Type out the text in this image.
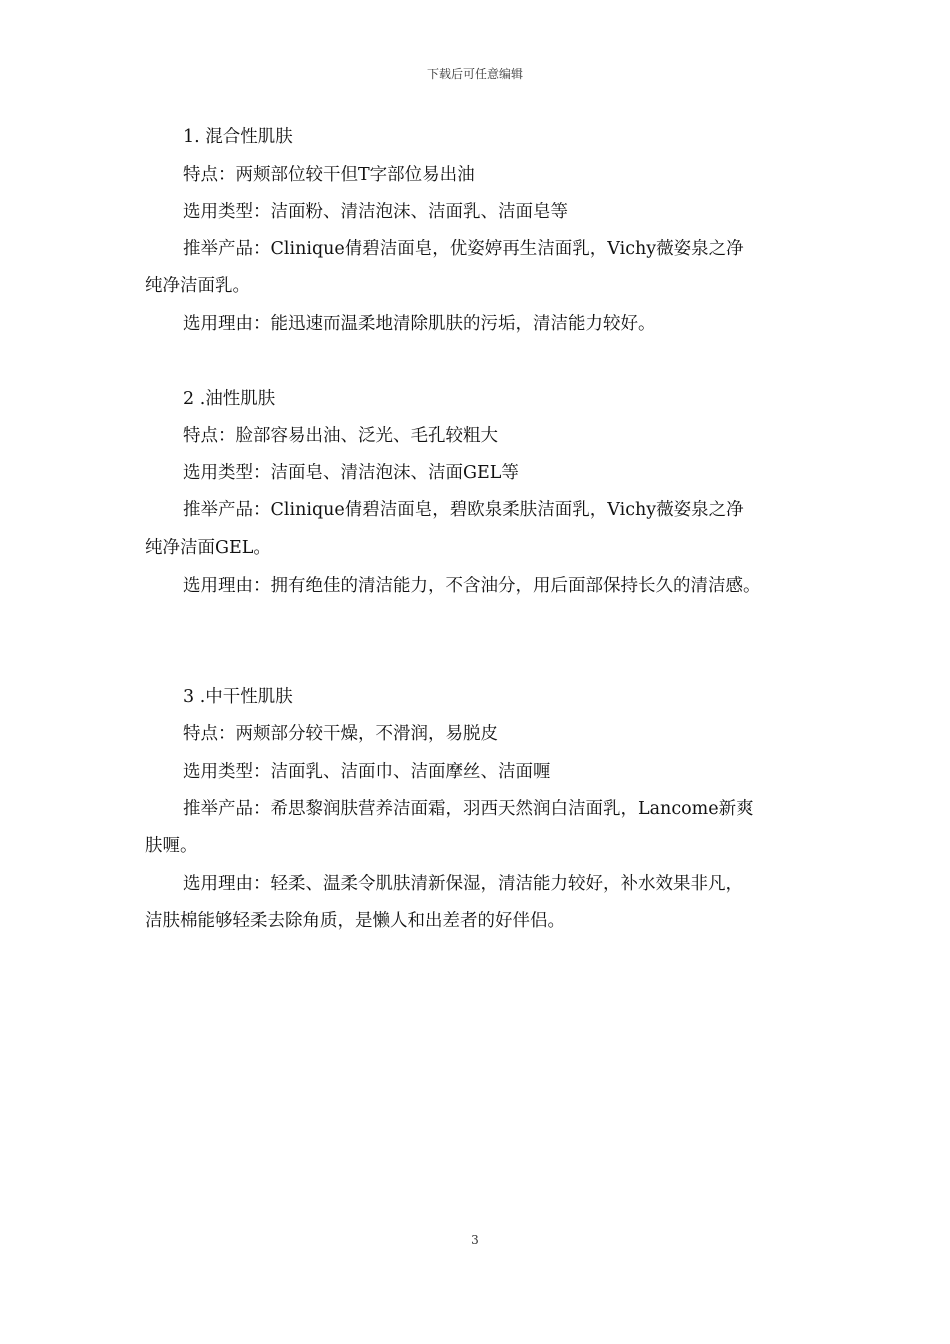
下载后可任意编辑
1. 混合性肌肤
特点：两颊部位较干但T字部位易出油
选用类型：洁面粉、清洁泡沫、洁面乳、洁面皂等
推举产品：Clinique倩碧洁面皂，优姿婷再生洁面乳，Vichy薇姿泉之净
纯净洁面乳。
选用理由：能迅速而温柔地清除肌肤的污垢，清洁能力较好。
2 .油性肌肤
特点：脸部容易出油、泛光、毛孔较粗大
选用类型：洁面皂、清洁泡沫、洁面GEL等
推举产品：Clinique倩碧洁面皂，碧欧泉柔肤洁面乳，Vichy薇姿泉之净
纯净洁面GEL。
选用理由：拥有绝佳的清洁能力，不含油分，用后面部保持长久的清洁感。
3 .中干性肌肤
特点：两颊部分较干燥，不滑润，易脱皮
选用类型：洁面乳、洁面巾、洁面摩丝、洁面喱
推举产品：希思黎润肤营养洁面霜，羽西天然润白洁面乳，Lancome新爽
肤喱。
选用理由：轻柔、温柔令肌肤清新保湿，清洁能力较好，补水效果非凡，
洁肤棉能够轻柔去除角质，是懒人和出差者的好伴侣。
3
